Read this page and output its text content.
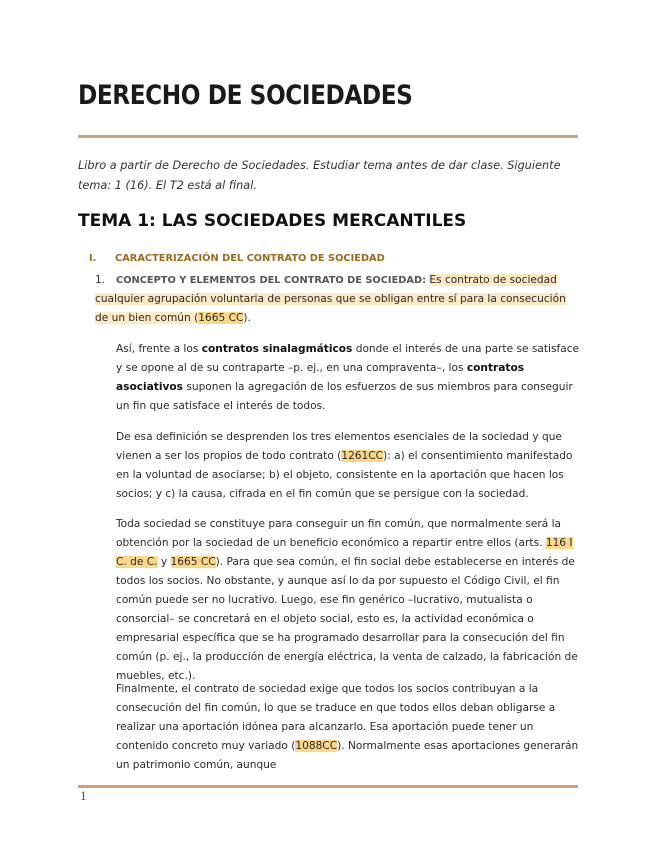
DERECHO DE SOCIEDADES

Libro a partir de Derecho de Sociedades. Estudiar tema antes de dar clase. Siguiente tema: 1 (16). El T2 está al final.

TEMA 1: LAS SOCIEDADES MERCANTILES
I. CARACTERIZACIÓN DEL CONTRATO DE SOCIEDAD
1. CONCEPTO Y ELEMENTOS DEL CONTRATO DE SOCIEDAD: Es contrato de sociedad cualquier agrupación voluntaria de personas que se obligan entre sí para la consecución de un bien común (1665 CC).

Así, frente a los contratos sinalagmáticos donde el interés de una parte se satisface y se opone al de su contraparte –p. ej., en una compraventa–, los contratos asociativos suponen la agregación de los esfuerzos de sus miembros para conseguir un fin que satisface el interés de todos.

De esa definición se desprenden los tres elementos esenciales de la sociedad y que vienen a ser los propios de todo contrato (1261CC): a) el consentimiento manifestado en la voluntad de asociarse; b) el objeto, consistente en la aportación que hacen los socios; y c) la causa, cifrada en el fin común que se persigue con la sociedad.

Toda sociedad se constituye para conseguir un fin común, que normalmente será la obtención por la sociedad de un beneficio económico a repartir entre ellos (arts. 116 I C. de C. y 1665 CC). Para que sea común, el fin social debe establecerse en interés de todos los socios. No obstante, y aunque así lo da por supuesto el Código Civil, el fin común puede ser no lucrativo. Luego, ese fin genérico –lucrativo, mutualista o consorcial– se concretará en el objeto social, esto es, la actividad económica o empresarial específica que se ha programado desarrollar para la consecución del fin común (p. ej., la producción de energía eléctrica, la venta de calzado, la fabricación de muebles, etc.).

Finalmente, el contrato de sociedad exige que todos los socios contribuyan a la consecución del fin común, lo que se traduce en que todos ellos deban obligarse a realizar una aportación idónea para alcanzarlo. Esa aportación puede tener un contenido concreto muy variado (1088CC). Normalmente esas aportaciones generarán un patrimonio común, aunque

1
